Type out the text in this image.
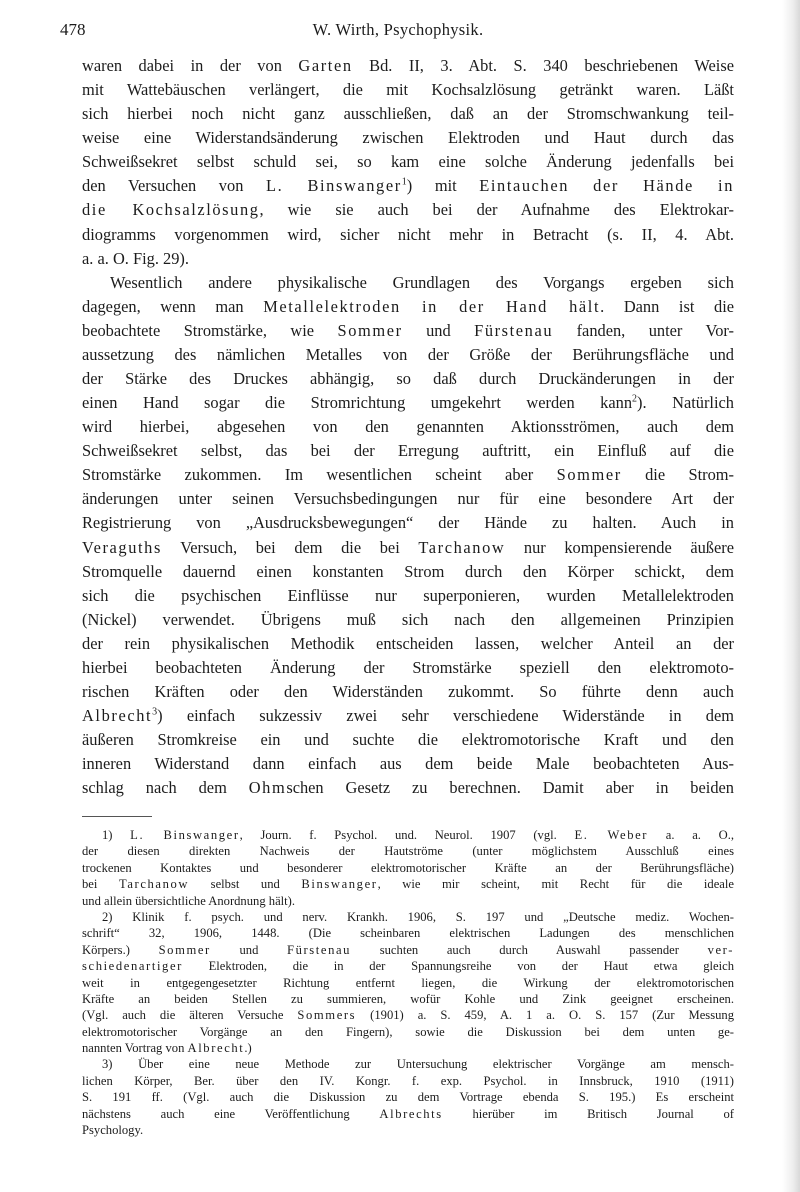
478	W. Wirth, Psychophysik.
waren dabei in der von Garten Bd. II, 3. Abt. S. 340 beschriebenen Weise
mit Wattebäuschen verlängert, die mit Kochsalzlösung getränkt waren. Läßt
sich hierbei noch nicht ganz ausschließen, daß an der Stromschwankung teil-
weise eine Widerstandsänderung zwischen Elektroden und Haut durch das
Schweißsekret selbst schuld sei, so kam eine solche Änderung jedenfalls bei
den Versuchen von L. Binswanger$^1$) mit Eintauchen der Hände in
die Kochsalzlösung, wie sie auch bei der Aufnahme des Elektrokar-
diogramms vorgenommen wird, sicher nicht mehr in Betracht (s. II, 4. Abt.
a. a. O. Fig. 29).
Wesentlich andere physikalische Grundlagen des Vorgangs ergeben sich
dagegen, wenn man Metallelektroden in der Hand hält. Dann ist die
beobachtete Stromstärke, wie Sommer und Fürstenau fanden, unter Vor-
aussetzung des nämlichen Metalles von der Größe der Berührungsfläche und
der Stärke des Druckes abhängig, so daß durch Druckänderungen in der
einen Hand sogar die Stromrichtung umgekehrt werden kann$^2$). Natürlich
wird hierbei, abgesehen von den genannten Aktionsströmen, auch dem
Schweißsekret selbst, das bei der Erregung auftritt, ein Einfluß auf die
Stromstärke zukommen. Im wesentlichen scheint aber Sommer die Strom-
änderungen unter seinen Versuchsbedingungen nur für eine besondere Art der
Registrierung von „Ausdrucksbewegungen“ der Hände zu halten. Auch in
Veraguths Versuch, bei dem die bei Tarchanow nur kompensierende äußere
Stromquelle dauernd einen konstanten Strom durch den Körper schickt, dem
sich die psychischen Einflüsse nur superponieren, wurden Metallelektroden
(Nickel) verwendet. Übrigens muß sich nach den allgemeinen Prinzipien
der rein physikalischen Methodik entscheiden lassen, welcher Anteil an der
hierbei beobachteten Änderung der Stromstärke speziell den elektromoto-
rischen Kräften oder den Widerständen zukommt. So führte denn auch
Albrecht$^3$) einfach sukzessiv zwei sehr verschiedene Widerstände in dem
äußeren Stromkreise ein und suchte die elektromotorische Kraft und den
inneren Widerstand dann einfach aus dem beide Male beobachteten Aus-
schlag nach dem Ohmschen Gesetz zu berechnen. Damit aber in beiden
1) L. Binswanger, Journ. f. Psychol. und. Neurol. 1907 (vgl. E. Weber a. a. O.,
der diesen direkten Nachweis der Hautströme (unter möglichstem Ausschluß eines
trockenen Kontaktes und besonderer elektromotorischer Kräfte an der Berührungsfläche)
bei Tarchanow selbst und Binswanger, wie mir scheint, mit Recht für die ideale
und allein übersichtliche Anordnung hält).
2) Klinik f. psych. und nerv. Krankh. 1906, S. 197 und „Deutsche mediz. Wochen-
schrift“ 32, 1906, 1448. (Die scheinbaren elektrischen Ladungen des menschlichen
Körpers.) Sommer und Fürstenau suchten auch durch Auswahl passender ver-
schiedenartiger Elektroden, die in der Spannungsreihe von der Haut etwa gleich
weit in entgegengesetzter Richtung entfernt liegen, die Wirkung der elektromotorischen
Kräfte an beiden Stellen zu summieren, wofür Kohle und Zink geeignet erscheinen.
(Vgl. auch die älteren Versuche Sommers (1901) a. S. 459, A. 1 a. O. S. 157 (Zur Messung
elektromotorischer Vorgänge an den Fingern), sowie die Diskussion bei dem unten ge-
nannten Vortrag von Albrecht.)
3) Über eine neue Methode zur Untersuchung elektrischer Vorgänge am mensch-
lichen Körper, Ber. über den IV. Kongr. f. exp. Psychol. in Innsbruck, 1910 (1911)
S. 191 ff. (Vgl. auch die Diskussion zu dem Vortrage ebenda S. 195.) Es erscheint
nächstens auch eine Veröffentlichung Albrechts hierüber im Britisch Journal of
Psychology.
